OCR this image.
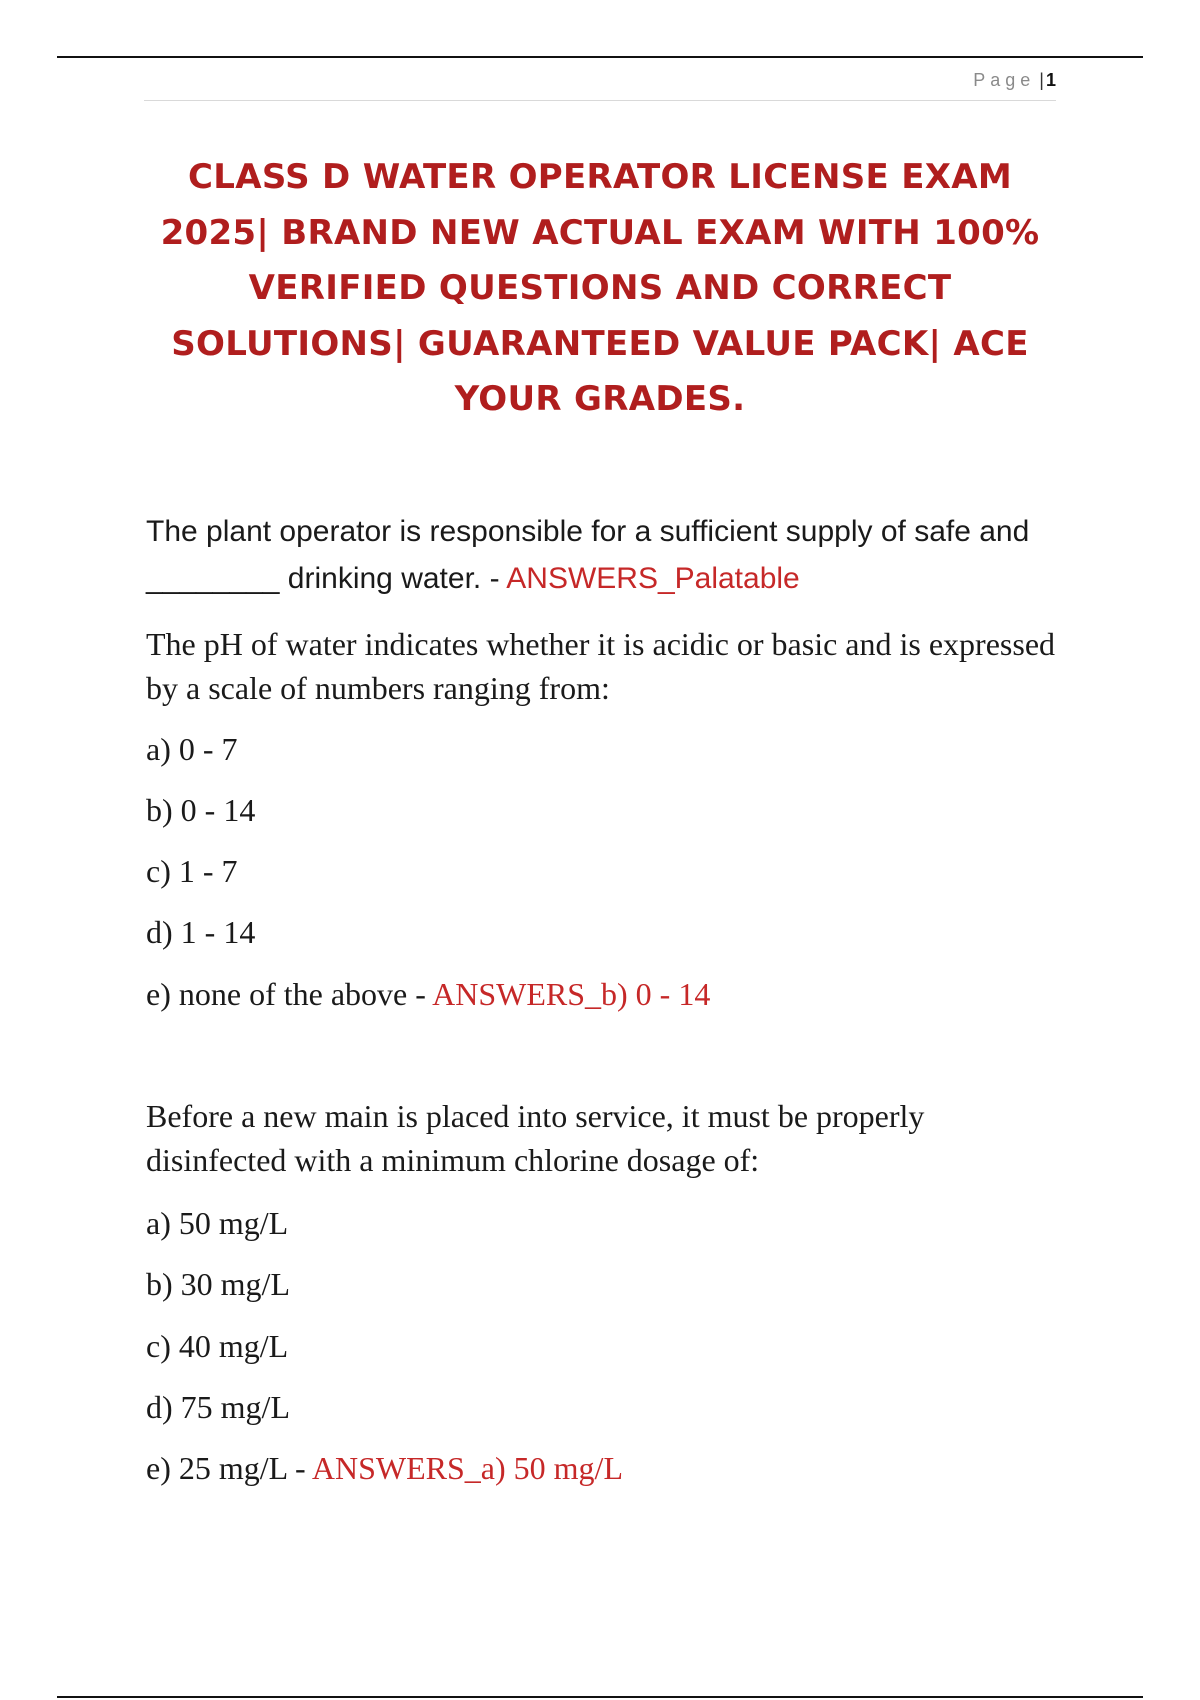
Page | 1
CLASS D WATER OPERATOR LICENSE EXAM 2025| BRAND NEW ACTUAL EXAM WITH 100% VERIFIED QUESTIONS AND CORRECT SOLUTIONS| GUARANTEED VALUE PACK| ACE YOUR GRADES.

The plant operator is responsible for a sufficient supply of safe and ________ drinking water. - ANSWERS_Palatable

The pH of water indicates whether it is acidic or basic and is expressed by a scale of numbers ranging from:

a) 0 - 7

b) 0 - 14

c) 1 - 7

d) 1 - 14

e) none of the above - ANSWERS_b) 0 - 14

Before a new main is placed into service, it must be properly disinfected with a minimum chlorine dosage of:

a) 50 mg/L

b) 30 mg/L

c) 40 mg/L

d) 75 mg/L

e) 25 mg/L - ANSWERS_a) 50 mg/L
